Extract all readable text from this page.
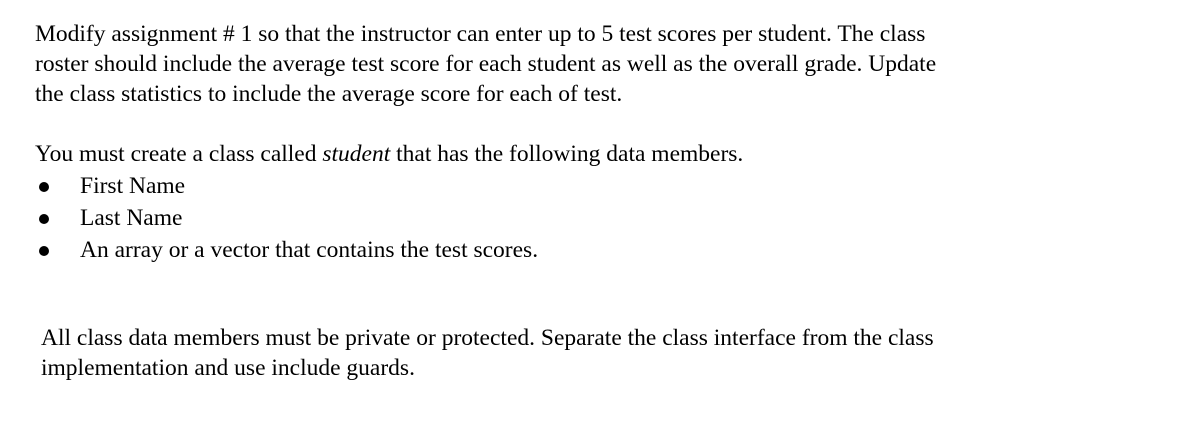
Modify assignment # 1 so that the instructor can enter up to 5 test scores per student. The class
roster should include the average test score for each student as well as the overall grade. Update
the class statistics to include the average score for each of test.
You must create a class called student that has the following data members.
First Name
Last Name
An array or a vector that contains the test scores.
All class data members must be private or protected. Separate the class interface from the class
implementation and use include guards.
